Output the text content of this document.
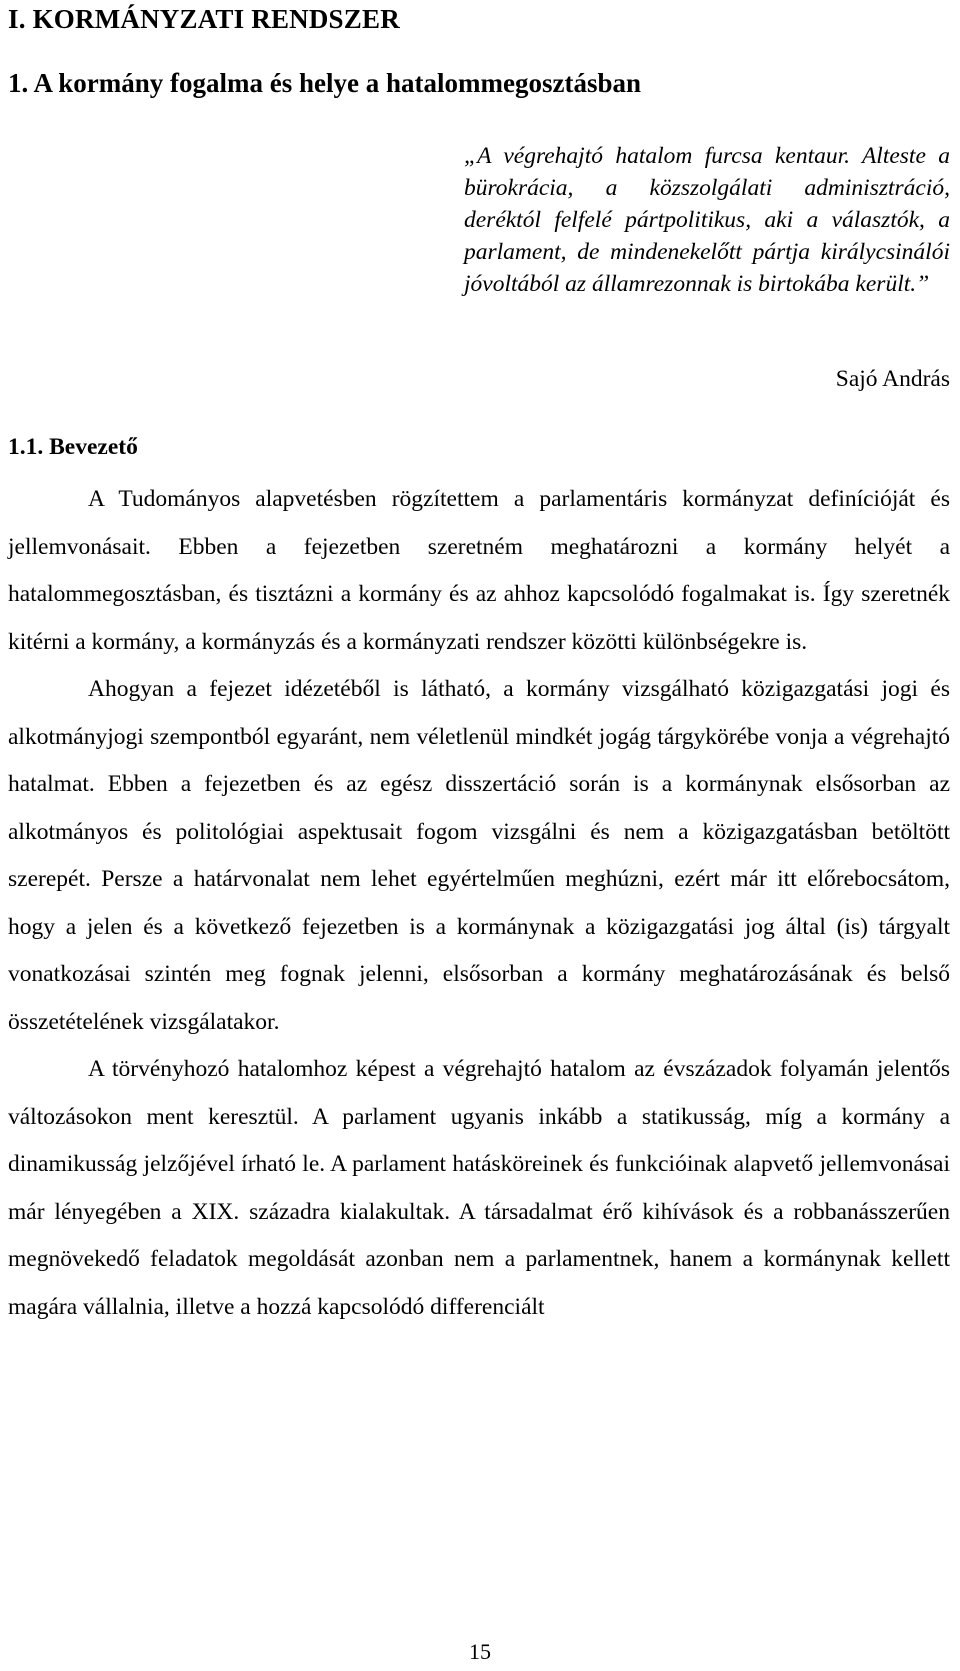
I. KORMÁNYZATI RENDSZER
1. A kormány fogalma és helye a hatalommegosztásban
„A végrehajtó hatalom furcsa kentaur. Alteste a bürokrácia, a közszolgálati adminisztráció, deréktól felfelé pártpolitikus, aki a választók, a parlament, de mindenekelőtt pártja királycsinálói jóvoltából az államrezonnak is birtokába került.”
Sajó András
1.1. Bevezető

A Tudományos alapvetésben rögzítettem a parlamentáris kormányzat definícióját és jellemvonásait. Ebben a fejezetben szeretném meghatározni a kormány helyét a hatalommegosztásban, és tisztázni a kormány és az ahhoz kapcsolódó fogalmakat is. Így szeretnék kitérni a kormány, a kormányzás és a kormányzati rendszer közötti különbségekre is.

Ahogyan a fejezet idézetéből is látható, a kormány vizsgálható közigazgatási jogi és alkotmányjogi szempontból egyaránt, nem véletlenül mindkét jogág tárgykörébe vonja a végrehajtó hatalmat. Ebben a fejezetben és az egész disszertáció során is a kormánynak elsősorban az alkotmányos és politológiai aspektusait fogom vizsgálni és nem a közigazgatásban betöltött szerepét. Persze a határvonalat nem lehet egyértelműen meghúzni, ezért már itt előrebocsátom, hogy a jelen és a következő fejezetben is a kormánynak a közigazgatási jog által (is) tárgyalt vonatkozásai szintén meg fognak jelenni, elsősorban a kormány meghatározásának és belső összetételének vizsgálatakor.

A törvényhozó hatalomhoz képest a végrehajtó hatalom az évszázadok folyamán jelentős változásokon ment keresztül. A parlament ugyanis inkább a statikusság, míg a kormány a dinamikusság jelzőjével írható le. A parlament hatásköreinek és funkcióinak alapvető jellemvonásai már lényegében a XIX. századra kialakultak. A társadalmat érő kihívások és a robbanásszerűen megnövekedő feladatok megoldását azonban nem a parlamentnek, hanem a kormánynak kellett magára vállalnia, illetve a hozzá kapcsolódó differenciált

15
